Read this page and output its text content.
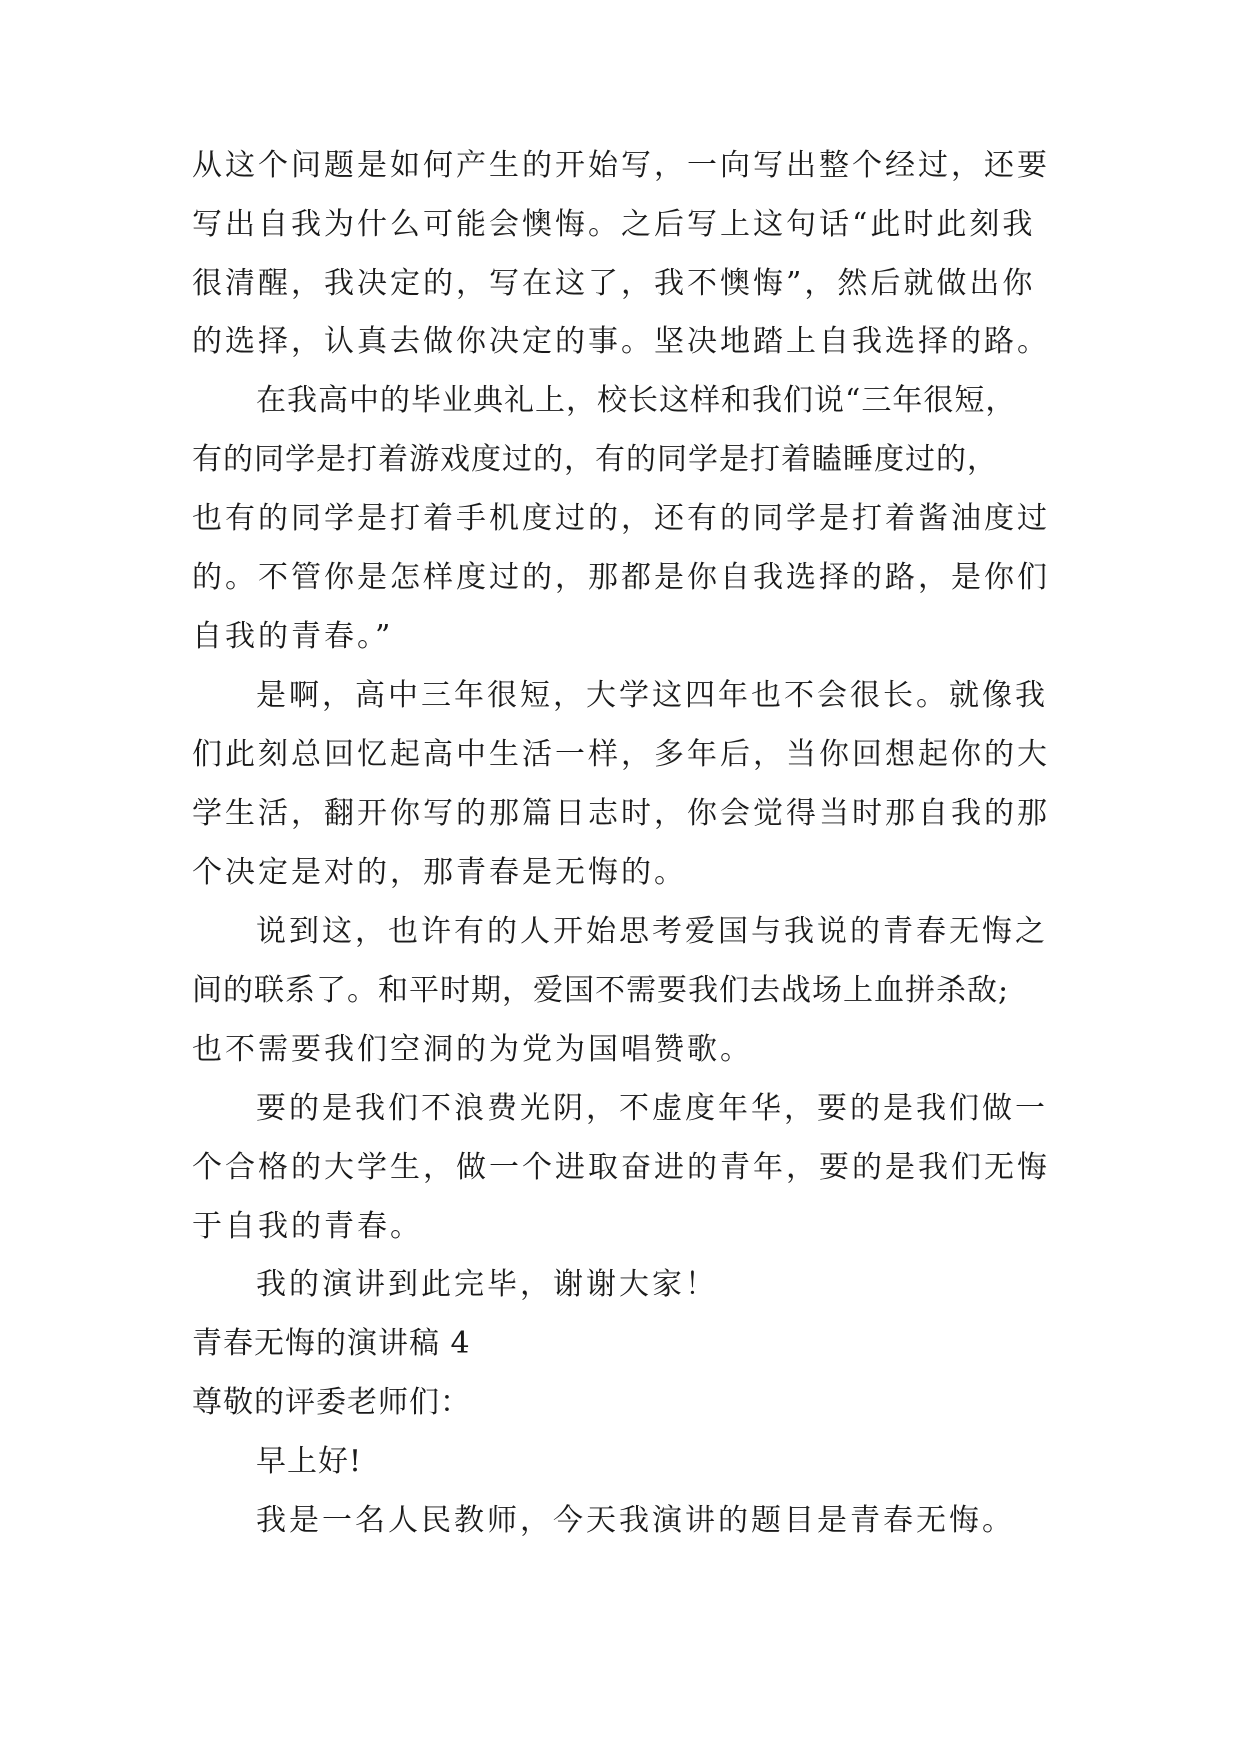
从这个问题是如何产生的开始写，一向写出整个经过，还要
写出自我为什么可能会懊悔。之后写上这句话“此时此刻我
很清醒，我决定的，写在这了，我不懊悔”，然后就做出你
的选择，认真去做你决定的事。坚决地踏上自我选择的路。
在我高中的毕业典礼上，校长这样和我们说“三年很短，
有的同学是打着游戏度过的，有的同学是打着瞌睡度过的，
也有的同学是打着手机度过的，还有的同学是打着酱油度过
的。不管你是怎样度过的，那都是你自我选择的路，是你们
自我的青春。”
是啊，高中三年很短，大学这四年也不会很长。就像我
们此刻总回忆起高中生活一样，多年后，当你回想起你的大
学生活，翻开你写的那篇日志时，你会觉得当时那自我的那
个决定是对的，那青春是无悔的。
说到这，也许有的人开始思考爱国与我说的青春无悔之
间的联系了。和平时期，爱国不需要我们去战场上血拼杀敌;
也不需要我们空洞的为党为国唱赞歌。
要的是我们不浪费光阴，不虚度年华，要的是我们做一
个合格的大学生，做一个进取奋进的青年，要的是我们无悔
于自我的青春。
我的演讲到此完毕，谢谢大家！
青春无悔的演讲稿 4
尊敬的评委老师们：
早上好!
我是一名人民教师，今天我演讲的题目是青春无悔。
